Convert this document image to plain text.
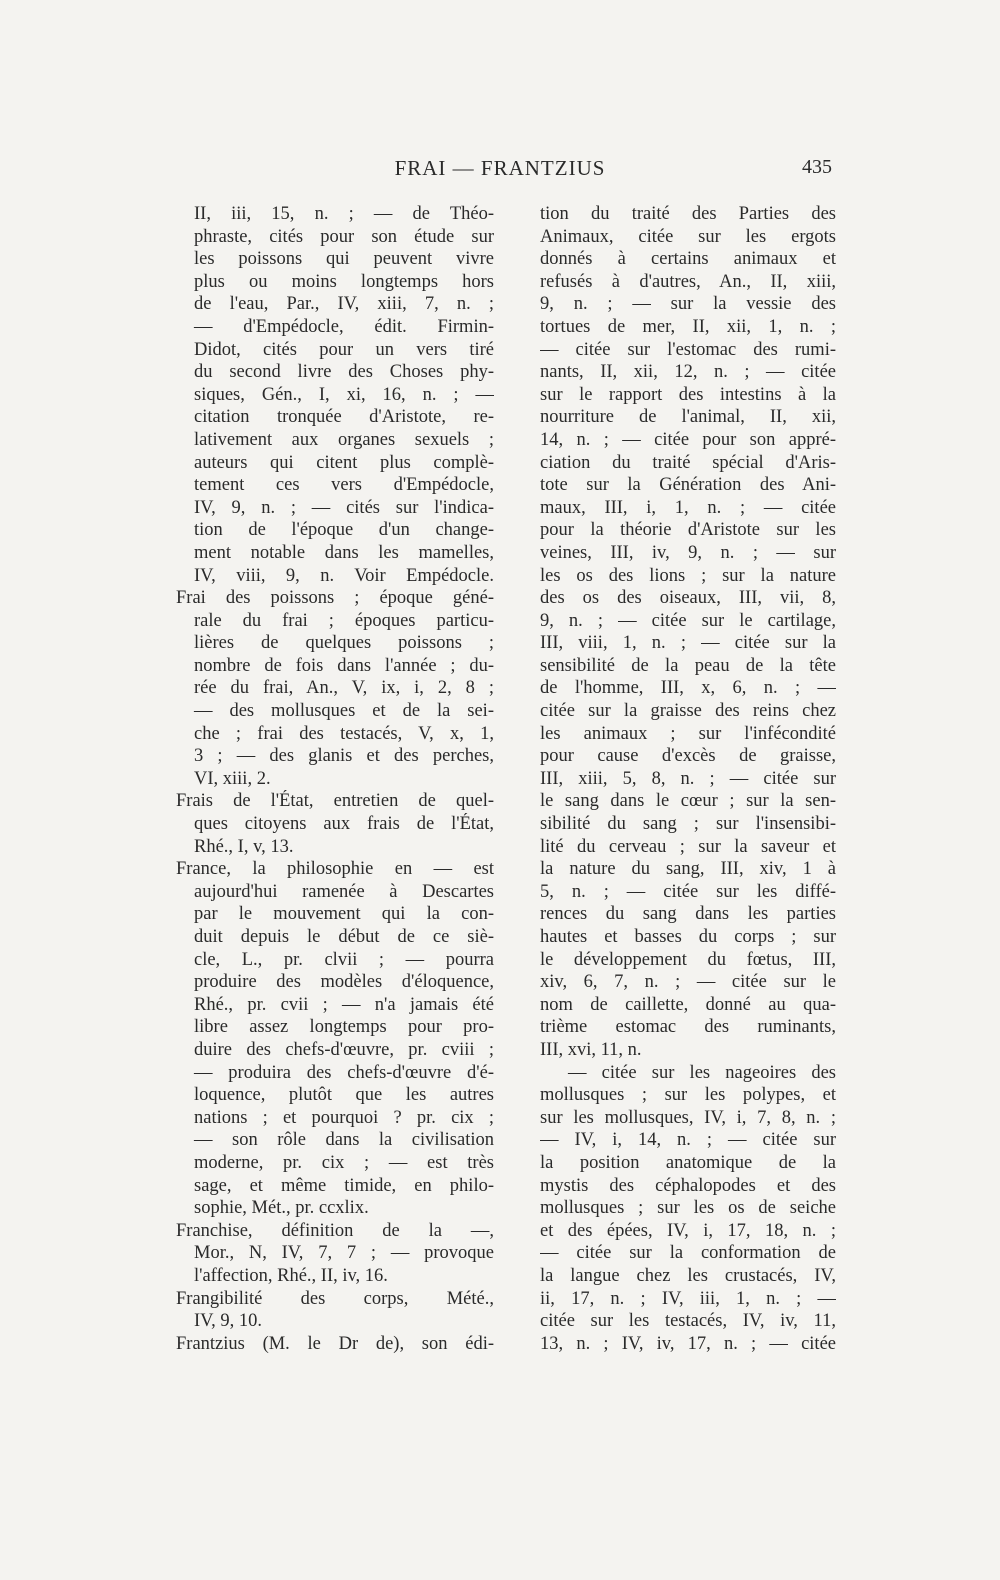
FRAI — FRANTZIUS	435
II, iii, 15, n. ; — de Théo-
phraste, cités pour son étude sur
les poissons qui peuvent vivre
plus ou moins longtemps hors
de l'eau, Par., IV, xiii, 7, n. ;
— d'Empédocle, édit. Firmin-
Didot, cités pour un vers tiré
du second livre des Choses phy-
siques, Gén., I, xi, 16, n. ; —
citation tronquée d'Aristote, re-
lativement aux organes sexuels ;
auteurs qui citent plus complè-
tement ces vers d'Empédocle,
IV, 9, n. ; — cités sur l'indica-
tion de l'époque d'un change-
ment notable dans les mamelles,
IV, viii, 9, n. Voir Empédocle.
Frai des poissons ; époque géné-
rale du frai ; époques particu-
lières de quelques poissons ;
nombre de fois dans l'année ; du-
rée du frai, An., V, ix, i, 2, 8 ;
— des mollusques et de la sei-
che ; frai des testacés, V, x, 1,
3 ; — des glanis et des perches,
VI, xiii, 2.
Frais de l'État, entretien de quel-
ques citoyens aux frais de l'État,
Rhé., I, v, 13.
France, la philosophie en — est
aujourd'hui ramenée à Descartes
par le mouvement qui la con-
duit depuis le début de ce siè-
cle, L., pr. clvii ; — pourra
produire des modèles d'éloquence,
Rhé., pr. cvii ; — n'a jamais été
libre assez longtemps pour pro-
duire des chefs-d'œuvre, pr. cviii ;
— produira des chefs-d'œuvre d'é-
loquence, plutôt que les autres
nations ; et pourquoi ? pr. cix ;
— son rôle dans la civilisation
moderne, pr. cix ; — est très
sage, et même timide, en philo-
sophie, Mét., pr. ccxlix.
Franchise, définition de la —,
Mor., N, IV, 7, 7 ; — provoque
l'affection, Rhé., II, iv, 16.
Frangibilité des corps, Mété.,
IV, 9, 10.
Frantzius (M. le Dr de), son édi-
tion du traité des Parties des
Animaux, citée sur les ergots
donnés à certains animaux et
refusés à d'autres, An., II, xiii,
9, n. ; — sur la vessie des
tortues de mer, II, xii, 1, n. ;
— citée sur l'estomac des rumi-
nants, II, xii, 12, n. ; — citée
sur le rapport des intestins à la
nourriture de l'animal, II, xii,
14, n. ; — citée pour son appré-
ciation du traité spécial d'Aris-
tote sur la Génération des Ani-
maux, III, i, 1, n. ; — citée
pour la théorie d'Aristote sur les
veines, III, iv, 9, n. ; — sur
les os des lions ; sur la nature
des os des oiseaux, III, vii, 8,
9, n. ; — citée sur le cartilage,
III, viii, 1, n. ; — citée sur la
sensibilité de la peau de la tête
de l'homme, III, x, 6, n. ; —
citée sur la graisse des reins chez
les animaux ; sur l'infécondité
pour cause d'excès de graisse,
III, xiii, 5, 8, n. ; — citée sur
le sang dans le cœur ; sur la sen-
sibilité du sang ; sur l'insensibi-
lité du cerveau ; sur la saveur et
la nature du sang, III, xiv, 1 à
5, n. ; — citée sur les diffé-
rences du sang dans les parties
hautes et basses du corps ; sur
le développement du fœtus, III,
xiv, 6, 7, n. ; — citée sur le
nom de caillette, donné au qua-
trième estomac des ruminants,
III, xvi, 11, n.
— citée sur les nageoires des
mollusques ; sur les polypes, et
sur les mollusques, IV, i, 7, 8, n. ;
— IV, i, 14, n. ; — citée sur
la position anatomique de la
mystis des céphalopodes et des
mollusques ; sur les os de seiche
et des épées, IV, i, 17, 18, n. ;
— citée sur la conformation de
la langue chez les crustacés, IV,
ii, 17, n. ; IV, iii, 1, n. ; —
citée sur les testacés, IV, iv, 11,
13, n. ; IV, iv, 17, n. ; — citée
